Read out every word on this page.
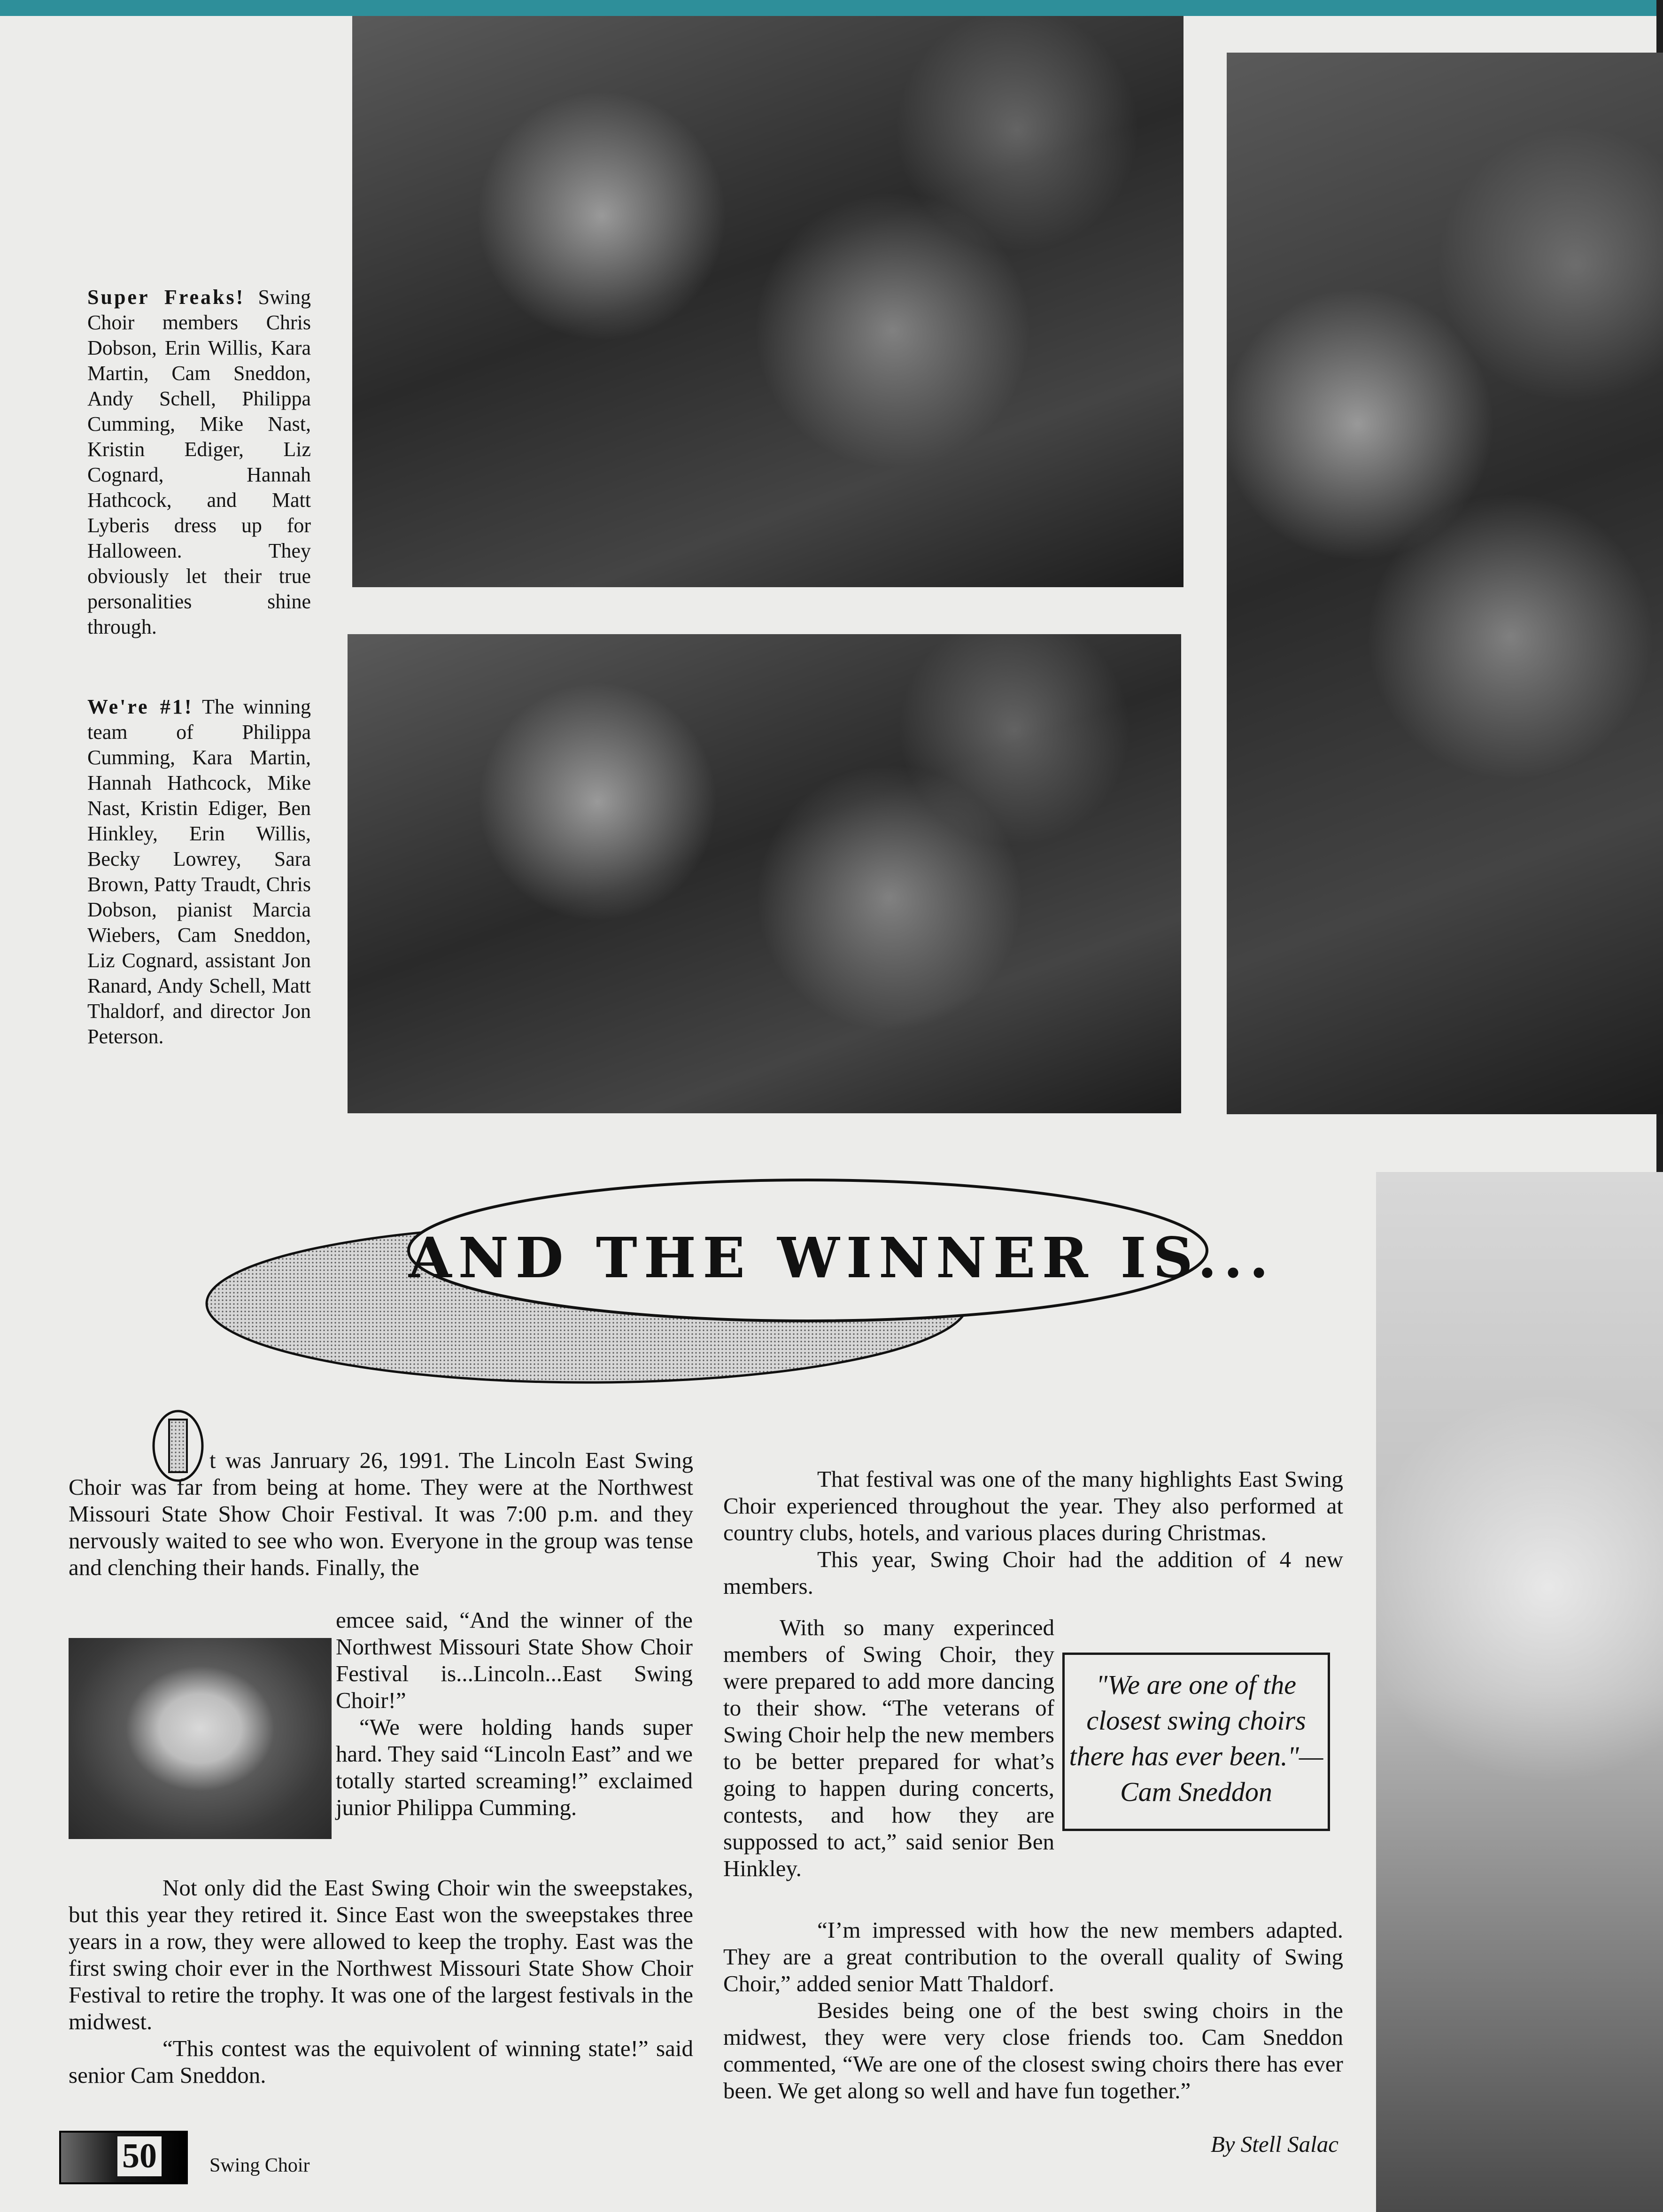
Super Freaks! Swing Choir members Chris Dobson, Erin Willis, Kara Martin, Cam Sneddon, Andy Schell, Philippa Cumming, Mike Nast, Kristin Ediger, Liz Cognard, Hannah Hathcock, and Matt Lyberis dress up for Halloween. They obviously let their true personalities shine through.
We're #1! The winning team of Philippa Cumming, Kara Martin, Hannah Hathcock, Mike Nast, Kristin Ediger, Ben Hinkley, Erin Willis, Becky Lowrey, Sara Brown, Patty Traudt, Chris Dobson, pianist Marcia Wiebers, Cam Sneddon, Liz Cognard, assistant Jon Ranard, Andy Schell, Matt Thaldorf, and director Jon Peterson.
AND THE WINNER IS...

t was Janruary 26, 1991. The Lincoln East Swing Choir was far from being at home. They were at the Northwest Missouri State Show Choir Festival. It was 7:00 p.m. and they nervously waited to see who won. Everyone in the group was tense and clenching their hands. Finally, the

emcee said, “And the winner of the Northwest Missouri State Show Choir Festival is...Lincoln...East Swing Choir!”

“We were holding hands super hard. They said “Lincoln East” and we totally started screaming!” exclaimed junior Philippa Cumming.

Not only did the East Swing Choir win the sweepstakes, but this year they retired it. Since East won the sweepstakes three years in a row, they were allowed to keep the trophy. East was the first swing choir ever in the Northwest Missouri State Show Choir Festival to retire the trophy. It was one of the largest festivals in the midwest.

“This contest was the equivolent of winning state!” said senior Cam Sneddon.

That festival was one of the many highlights East Swing Choir experienced throughout the year. They also performed at country clubs, hotels, and various places during Christmas.

This year, Swing Choir had the addition of 4 new members.

With so many experinced members of Swing Choir, they were prepared to add more dancing to their show. “The veterans of Swing Choir help the new members to be better prepared for what’s going to happen during concerts, contests, and how they are suppossed to act,” said senior Ben Hinkley.

“I’m impressed with how the new members adapted. They are a great contribution to the overall quality of Swing Choir,” added senior Matt Thaldorf.

Besides being one of the best swing choirs in the midwest, they were very close friends too. Cam Sneddon commented, “We are one of the closest swing choirs there has ever been. We get along so well and have fun together.”

"We are one of the closest swing choirs there has ever been."— Cam Sneddon
By Stell Salac
50	Swing Choir
